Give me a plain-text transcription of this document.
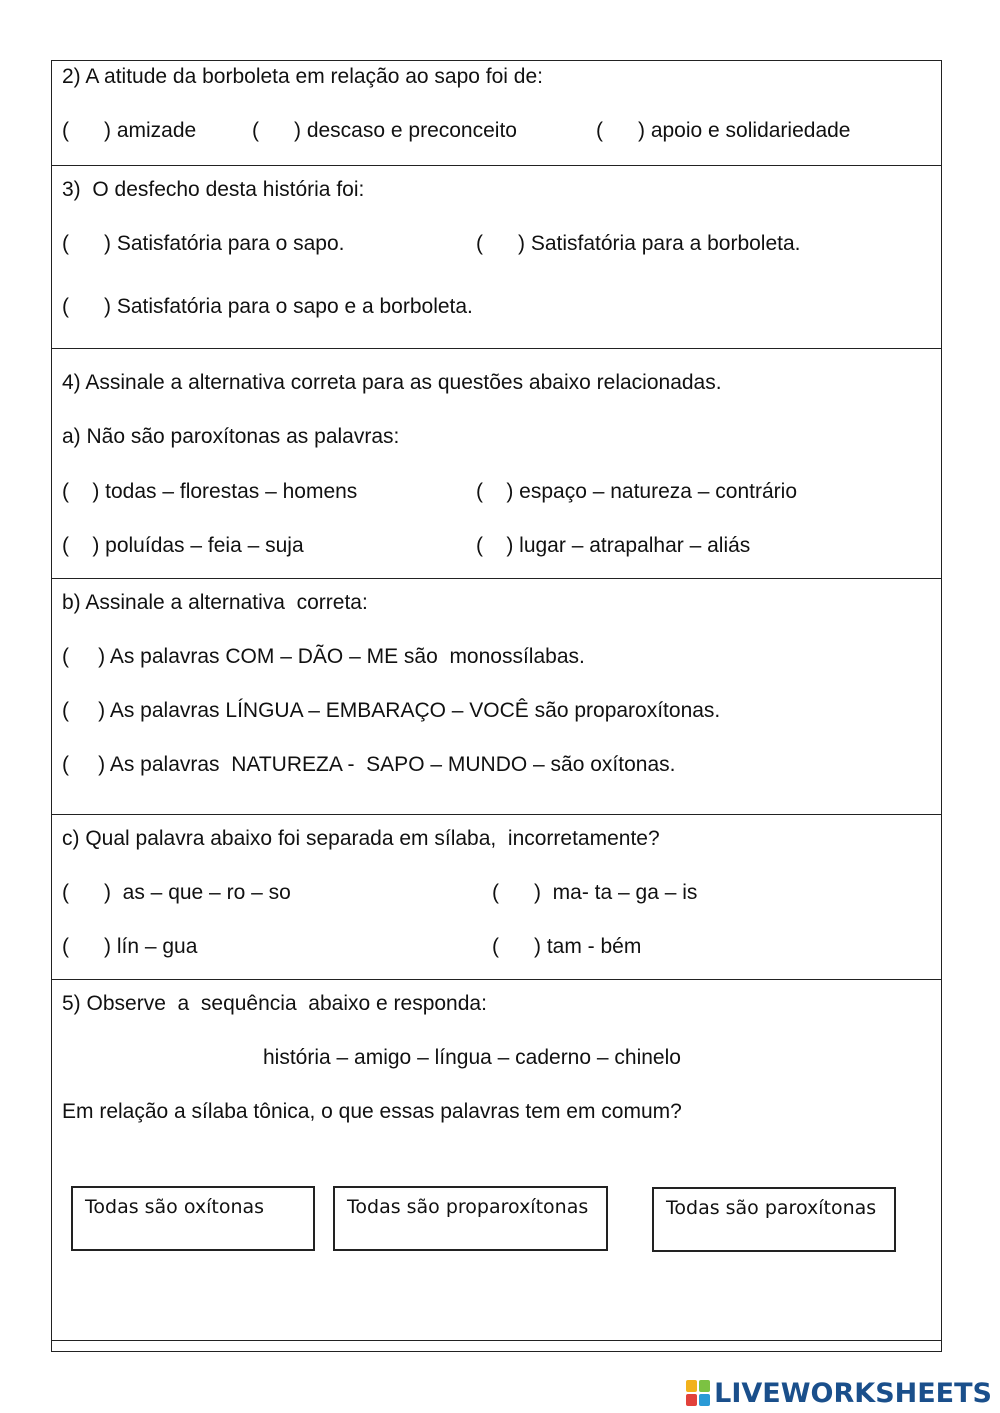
2) A atitude da borboleta em relação ao sapo foi de:
(      ) amizade	(      ) descaso e preconceito	(      ) apoio e solidariedade
3)  O desfecho desta história foi:
(      ) Satisfatória para o sapo.	(      ) Satisfatória para a borboleta.
(      ) Satisfatória para o sapo e a borboleta.
4) Assinale a alternativa correta para as questões abaixo relacionadas.
a) Não são paroxítonas as palavras:
(    ) todas – florestas – homens	(    ) espaço – natureza – contrário
(    ) poluídas – feia – suja	(    ) lugar – atrapalhar – aliás
b) Assinale a alternativa  correta:
(     ) As palavras COM – DÃO – ME são  monossílabas.
(     ) As palavras LÍNGUA – EMBARAÇO – VOCÊ são proparoxítonas.
(     ) As palavras  NATUREZA -  SAPO – MUNDO – são oxítonas.
c) Qual palavra abaixo foi separada em sílaba,  incorretamente?
(      )  as – que – ro – so	(      )  ma- ta – ga – is
(      ) lín – gua	(      ) tam - bém
5) Observe  a  sequência  abaixo e responda:
história – amigo – língua – caderno – chinelo
Em relação a sílaba tônica, o que essas palavras tem em comum?
Todas são oxítonas	Todas são proparoxítonas	Todas são paroxítonas
LIVEWORKSHEETS
